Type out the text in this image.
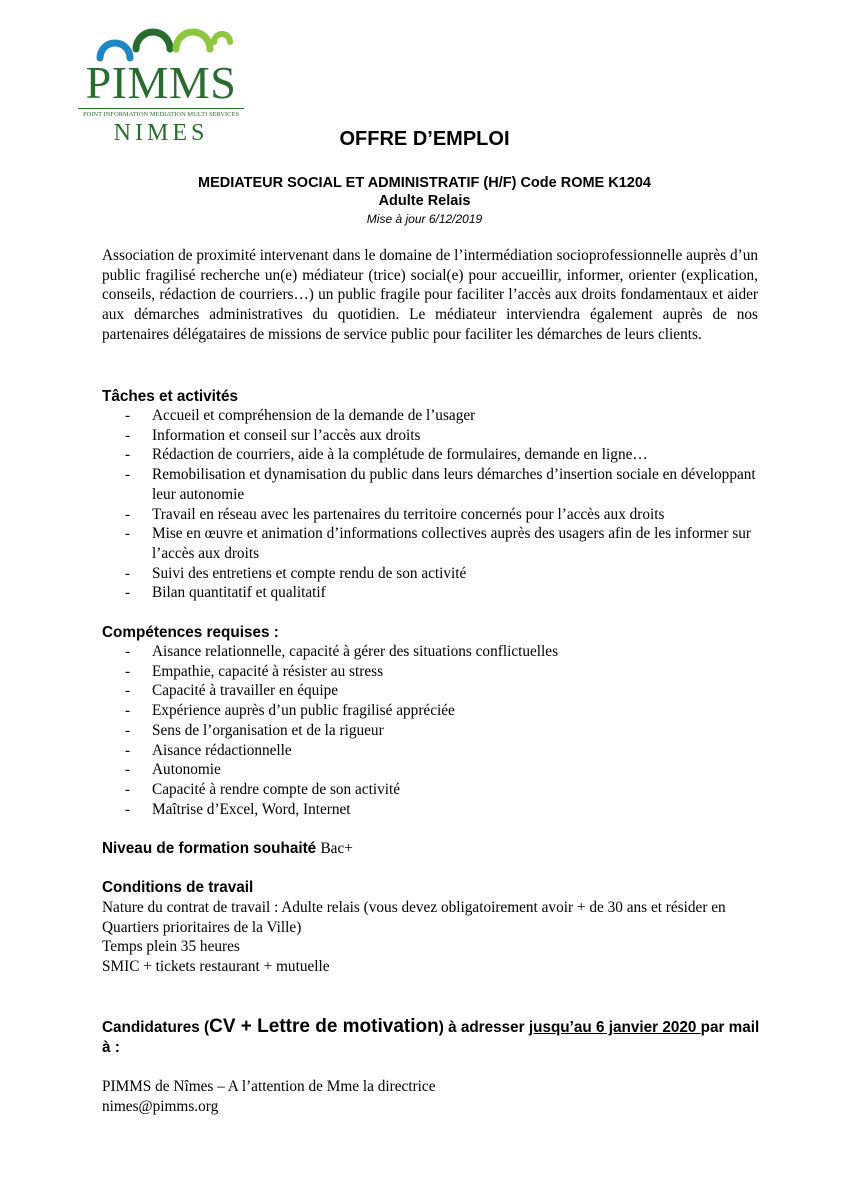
PIMMS
POINT INFORMATION MEDIATION MULTI SERVICES
NIMES	OFFRE D’EMPLOI
MEDIATEUR SOCIAL ET ADMINISTRATIF (H/F) Code ROME K1204
Adulte Relais
Mise à jour 6/12/2019
Association de proximité intervenant dans le domaine de l’intermédiation socioprofessionnelle auprès d’un public fragilisé recherche un(e) médiateur (trice) social(e) pour accueillir, informer, orienter (explication, conseils, rédaction de courriers…) un public fragile pour faciliter l’accès aux droits fondamentaux et aider aux démarches administratives du quotidien. Le médiateur interviendra également auprès de nos partenaires délégataires de missions de service public pour faciliter les démarches de leurs clients.
Tâches et activités
- Accueil et compréhension de la demande de l’usager
- Information et conseil sur l’accès aux droits
- Rédaction de courriers, aide à la complétude de formulaires, demande en ligne…
- Remobilisation et dynamisation du public dans leurs démarches d’insertion sociale en développant leur autonomie
- Travail en réseau avec les partenaires du territoire concernés pour l’accès aux droits
- Mise en œuvre et animation d’informations collectives auprès des usagers afin de les informer sur l’accès aux droits
- Suivi des entretiens et compte rendu de son activité
- Bilan quantitatif et qualitatif
Compétences requises :
- Aisance relationnelle, capacité à gérer des situations conflictuelles
- Empathie, capacité à résister au stress
- Capacité à travailler en équipe
- Expérience auprès d’un public fragilisé appréciée
- Sens de l’organisation et de la rigueur
- Aisance rédactionnelle
- Autonomie
- Capacité à rendre compte de son activité
- Maîtrise d’Excel, Word, Internet
Niveau de formation souhaité Bac+
Conditions de travail
Nature du contrat de travail : Adulte relais (vous devez obligatoirement avoir + de 30 ans et résider en Quartiers prioritaires de la Ville)
Temps plein 35 heures
SMIC + tickets restaurant + mutuelle
Candidatures (CV + Lettre de motivation) à adresser jusqu’au 6 janvier 2020 par mail à :
PIMMS de Nîmes – A l’attention de Mme la directrice
nimes@pimms.org
